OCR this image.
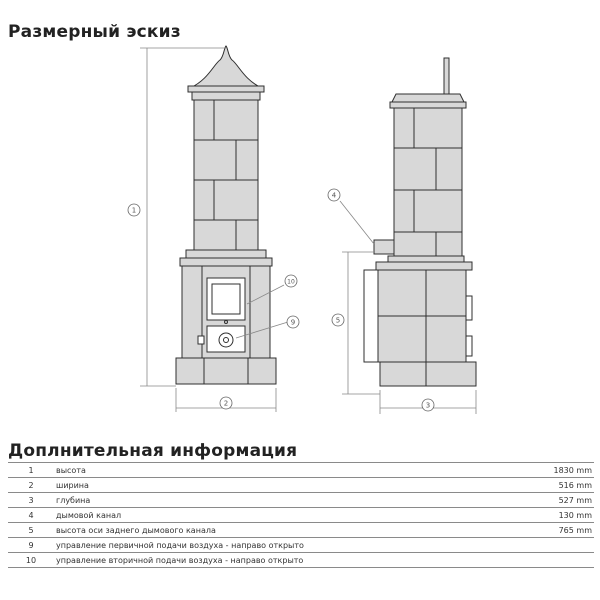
Размерный эскиз
1
2	3
4
5
9
10
Доплнительная информация
1	высота	1830 mm
2	ширина	516 mm
3	глубина	527 mm
4	дымовой канал	130 mm
5	высота оси заднего дымового канала	765 mm
9	управление первичной подачи воздуха - направо открыто	
10	управление вторичной подачи воздуха - направо открыто	
